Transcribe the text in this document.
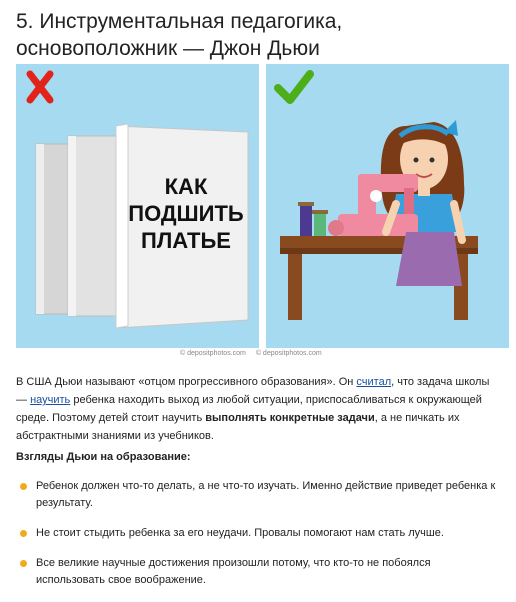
5. Инструментальная педагогика, основоположник — Джон Дьюи
КАК
ПОДШИТЬ
ПЛАТЬЕ
© depositphotos.com © depositphotos.com
В США Дьюи называют «отцом прогрессивного образования». Он считал, что задача школы — научить ребенка находить выход из любой ситуации, приспосабливаться к окружающей среде. Поэтому детей стоит научить выполнять конкретные задачи, а не пичкать их абстрактными знаниями из учебников.
Взгляды Дьюи на образование:
Ребенок должен что-то делать, а не что-то изучать. Именно действие приведет ребенка к результату.
Не стоит стыдить ребенка за его неудачи. Провалы помогают нам стать лучше.
Все великие научные достижения произошли потому, что кто-то не побоялся использовать свое воображение.
